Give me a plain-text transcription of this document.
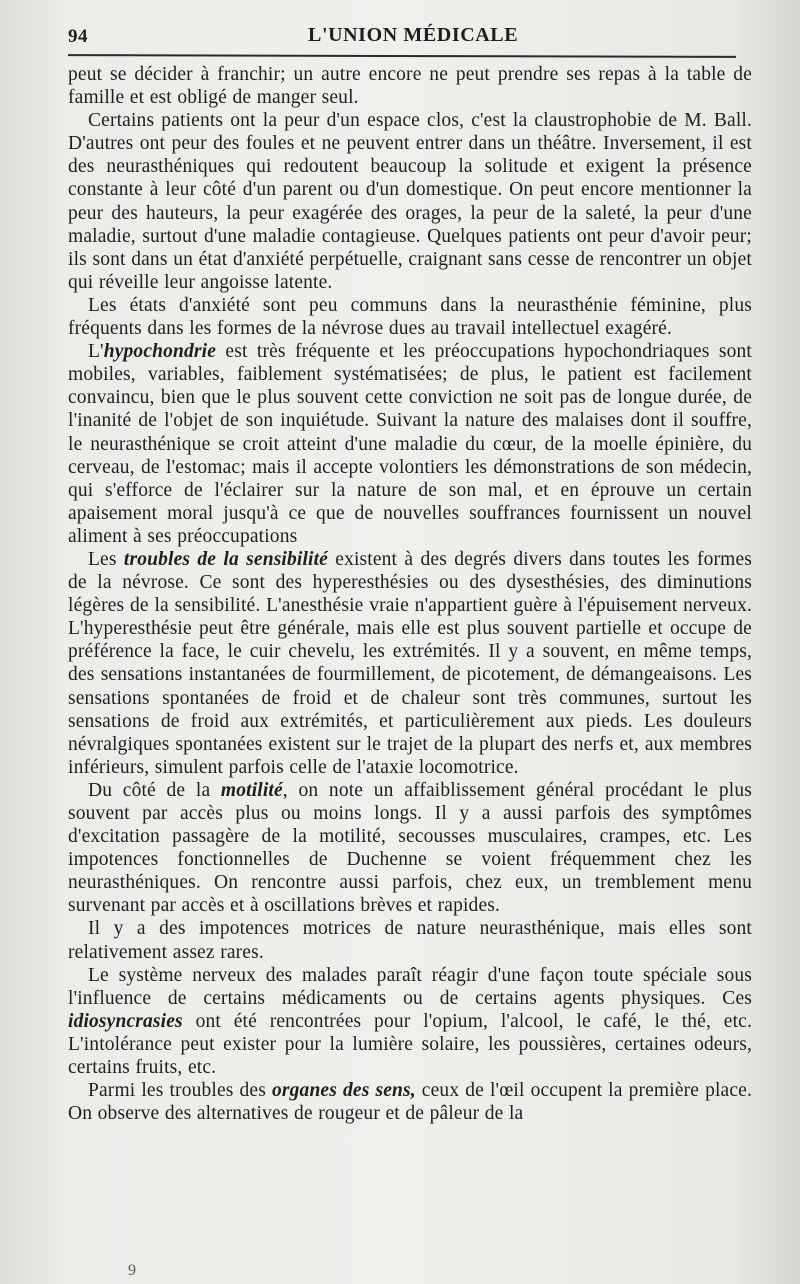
94	L'UNION MÉDICALE

peut se décider à franchir; un autre encore ne peut prendre ses repas à la table de famille et est obligé de manger seul.

Certains patients ont la peur d'un espace clos, c'est la claustrophobie de M. Ball. D'autres ont peur des foules et ne peuvent entrer dans un théâtre. Inversement, il est des neurasthéniques qui redoutent beaucoup la solitude et exigent la présence constante à leur côté d'un parent ou d'un domestique. On peut encore mentionner la peur des hauteurs, la peur exagérée des orages, la peur de la saleté, la peur d'une maladie, surtout d'une maladie contagieuse. Quelques patients ont peur d'avoir peur; ils sont dans un état d'anxiété perpétuelle, craignant sans cesse de rencontrer un objet qui réveille leur angoisse latente.

Les états d'anxiété sont peu communs dans la neurasthénie féminine, plus fréquents dans les formes de la névrose dues au travail intellectuel exagéré.

L'hypochondrie est très fréquente et les préoccupations hypochondriaques sont mobiles, variables, faiblement systématisées; de plus, le patient est facilement convaincu, bien que le plus souvent cette conviction ne soit pas de longue durée, de l'inanité de l'objet de son inquiétude. Suivant la nature des malaises dont il souffre, le neurasthénique se croit atteint d'une maladie du cœur, de la moelle épinière, du cerveau, de l'estomac; mais il accepte volontiers les démonstrations de son médecin, qui s'efforce de l'éclairer sur la nature de son mal, et en éprouve un certain apaisement moral jusqu'à ce que de nouvelles souffrances fournissent un nouvel aliment à ses préoccupations

Les troubles de la sensibilité existent à des degrés divers dans toutes les formes de la névrose. Ce sont des hyperesthésies ou des dysesthésies, des diminutions légères de la sensibilité. L'anesthésie vraie n'appartient guère à l'épuisement nerveux. L'hyperesthésie peut être générale, mais elle est plus souvent partielle et occupe de préférence la face, le cuir chevelu, les extrémités. Il y a souvent, en même temps, des sensations instantanées de fourmillement, de picotement, de démangeaisons. Les sensations spontanées de froid et de chaleur sont très communes, surtout les sensations de froid aux extrémités, et particulièrement aux pieds. Les douleurs névralgiques spontanées existent sur le trajet de la plupart des nerfs et, aux membres inférieurs, simulent parfois celle de l'ataxie locomotrice.

Du côté de la motilité, on note un affaiblissement général procédant le plus souvent par accès plus ou moins longs. Il y a aussi parfois des symptômes d'excitation passagère de la motilité, secousses musculaires, crampes, etc. Les impotences fonctionnelles de Duchenne se voient fréquemment chez les neurasthéniques. On rencontre aussi parfois, chez eux, un tremblement menu survenant par accès et à oscillations brèves et rapides.

Il y a des impotences motrices de nature neurasthénique, mais elles sont relativement assez rares.

Le système nerveux des malades paraît réagir d'une façon toute spéciale sous l'influence de certains médicaments ou de certains agents physiques. Ces idiosyncrasies ont été rencontrées pour l'opium, l'alcool, le café, le thé, etc. L'intolérance peut exister pour la lumière solaire, les poussières, certaines odeurs, certains fruits, etc.

Parmi les troubles des organes des sens, ceux de l'œil occupent la première place. On observe des alternatives de rougeur et de pâleur de la

9
